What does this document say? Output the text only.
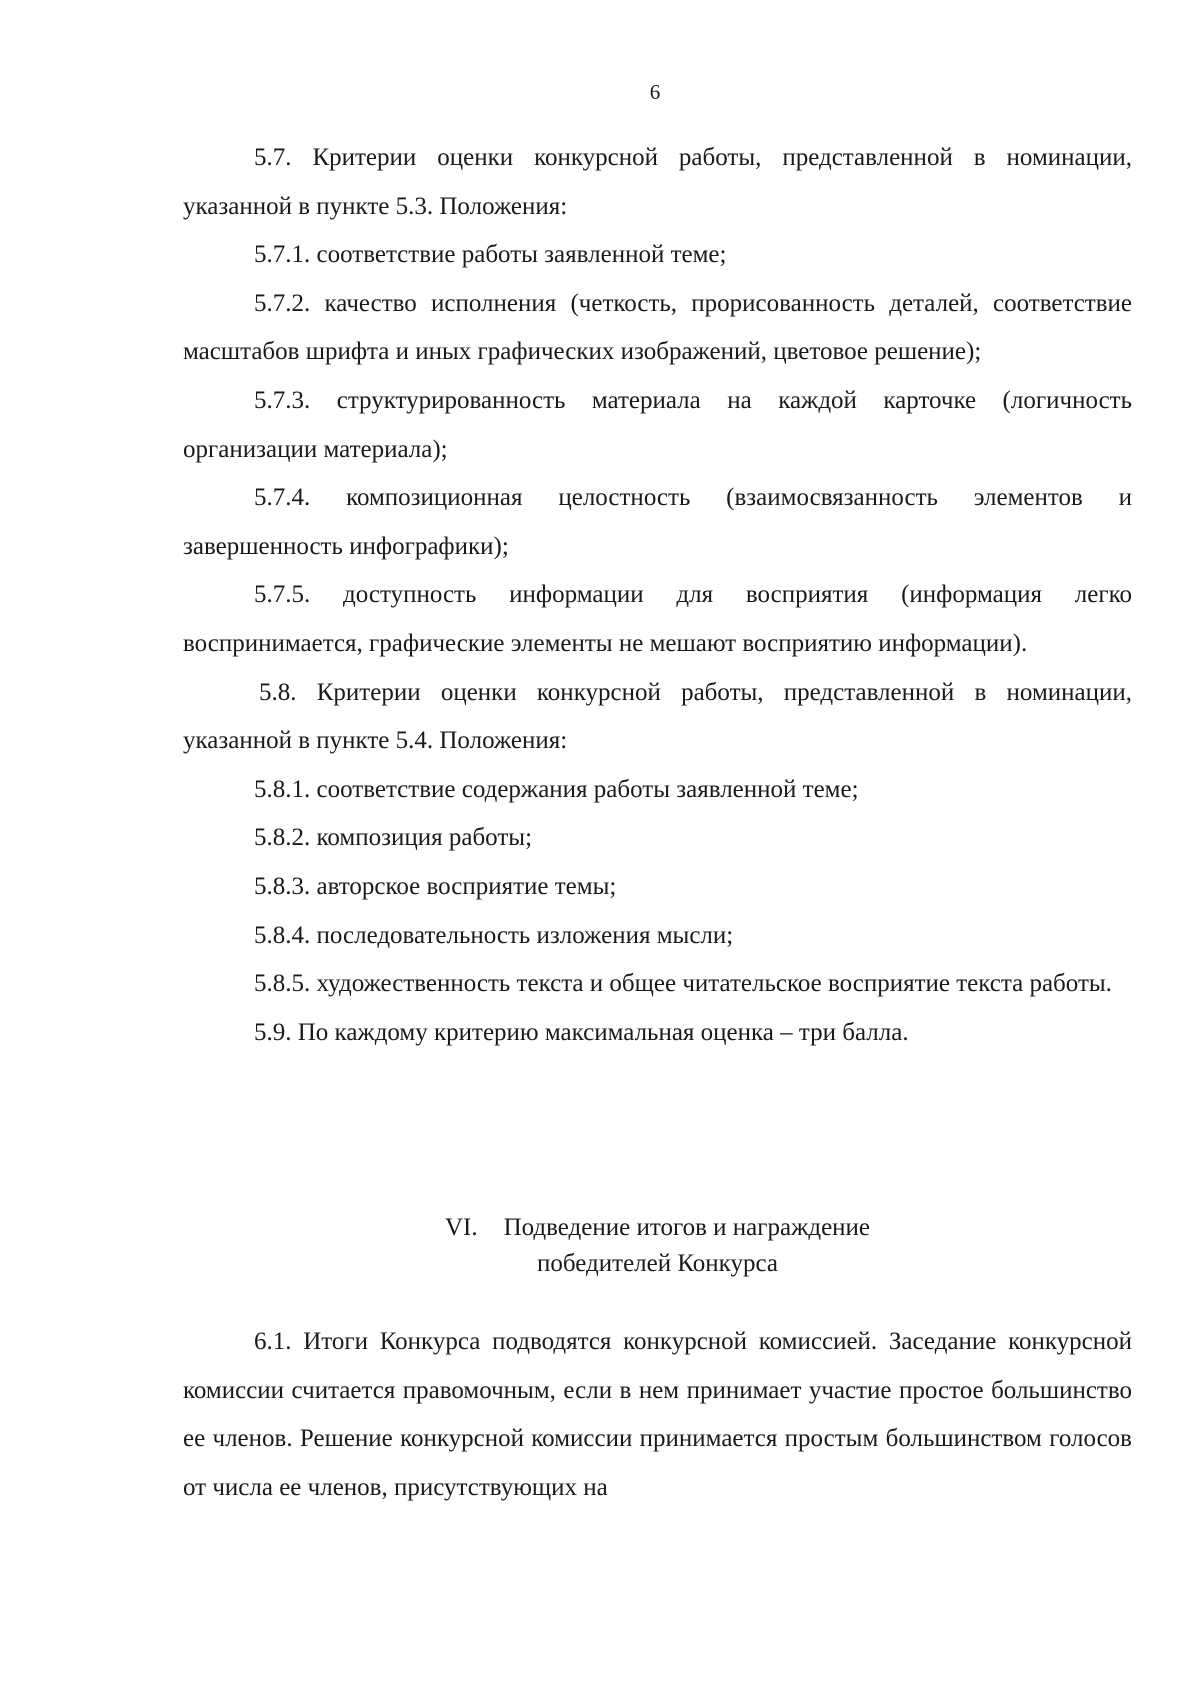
6

5.7. Критерии оценки конкурсной работы, представленной в номинации, указанной в пункте 5.3. Положения:

5.7.1. соответствие работы заявленной теме;

5.7.2. качество исполнения (четкость, прорисованность деталей, соответствие масштабов шрифта и иных графических изображений, цветовое решение);

5.7.3. структурированность материала на каждой карточке (логичность организации материала);

5.7.4. композиционная целостность (взаимосвязанность элементов и завершенность инфографики);

5.7.5. доступность информации для восприятия (информация легко воспринимается, графические элементы не мешают восприятию информации).

5.8. Критерии оценки конкурсной работы, представленной в номинации, указанной в пункте 5.4. Положения:

5.8.1. соответствие содержания работы заявленной теме;

5.8.2. композиция работы;

5.8.3. авторское восприятие темы;

5.8.4. последовательность изложения мысли;

5.8.5. художественность текста и общее читательское восприятие текста работы.

5.9. По каждому критерию максимальная оценка – три балла.

VI. Подведение итогов и награждение
победителей Конкурса

6.1. Итоги Конкурса подводятся конкурсной комиссией. Заседание конкурсной комиссии считается правомочным, если в нем принимает участие простое большинство ее членов. Решение конкурсной комиссии принимается простым большинством голосов от числа ее членов, присутствующих на
